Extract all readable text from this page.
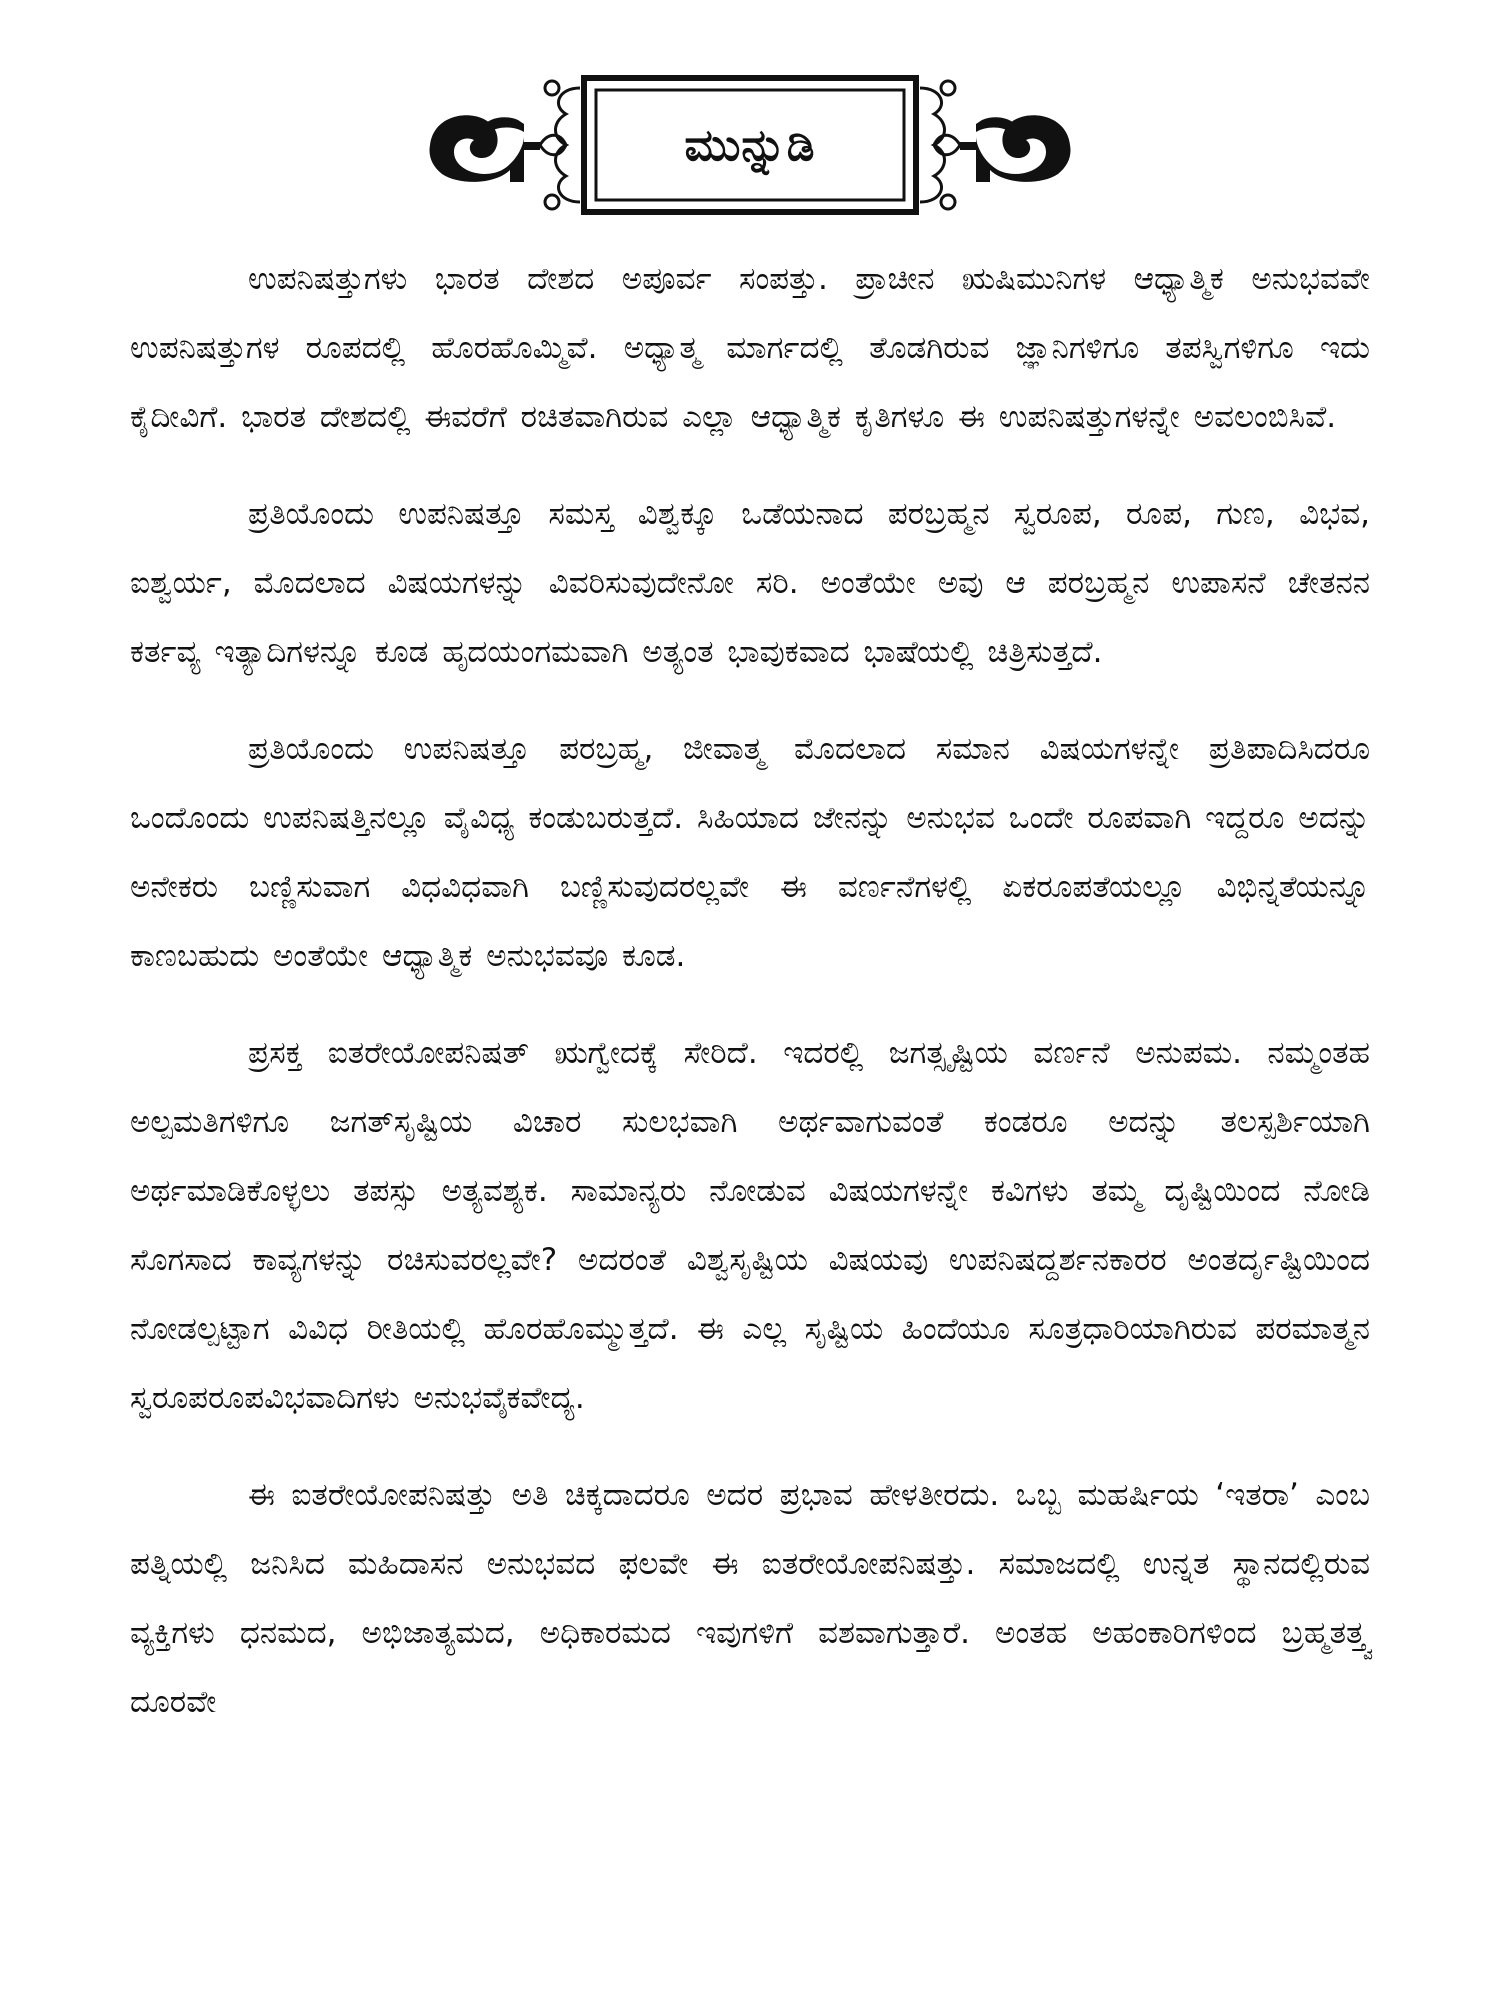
ಮುನ್ನುಡಿ

ಉಪನಿಷತ್ತುಗಳು ಭಾರತ ದೇಶದ ಅಪೂರ್ವ ಸಂಪತ್ತು. ಪ್ರಾಚೀನ ಋಷಿಮುನಿಗಳ ಆಧ್ಯಾತ್ಮಿಕ ಅನುಭವವೇ ಉಪನಿಷತ್ತುಗಳ ರೂಪದಲ್ಲಿ ಹೊರಹೊಮ್ಮಿವೆ. ಅಧ್ಯಾತ್ಮ ಮಾರ್ಗದಲ್ಲಿ ತೊಡಗಿರುವ ಜ್ಞಾನಿಗಳಿಗೂ ತಪಸ್ವಿಗಳಿಗೂ ಇದು ಕೈದೀವಿಗೆ. ಭಾರತ ದೇಶದಲ್ಲಿ ಈವರೆಗೆ ರಚಿತವಾಗಿರುವ ಎಲ್ಲಾ ಆಧ್ಯಾತ್ಮಿಕ ಕೃತಿಗಳೂ ಈ ಉಪನಿಷತ್ತುಗಳನ್ನೇ ಅವಲಂಬಿಸಿವೆ.

ಪ್ರತಿಯೊಂದು ಉಪನಿಷತ್ತೂ ಸಮಸ್ತ ವಿಶ್ವಕ್ಕೂ ಒಡೆಯನಾದ ಪರಬ್ರಹ್ಮನ ಸ್ವರೂಪ, ರೂಪ, ಗುಣ, ವಿಭವ, ಐಶ್ವರ್ಯ, ಮೊದಲಾದ ವಿಷಯಗಳನ್ನು ವಿವರಿಸುವುದೇನೋ ಸರಿ. ಅಂತೆಯೇ ಅವು ಆ ಪರಬ್ರಹ್ಮನ ಉಪಾಸನೆ ಚೇತನನ ಕರ್ತವ್ಯ ಇತ್ಯಾದಿಗಳನ್ನೂ ಕೂಡ ಹೃದಯಂಗಮವಾಗಿ ಅತ್ಯಂತ ಭಾವುಕವಾದ ಭಾಷೆಯಲ್ಲಿ ಚಿತ್ರಿಸುತ್ತದೆ.

ಪ್ರತಿಯೊಂದು ಉಪನಿಷತ್ತೂ ಪರಬ್ರಹ್ಮ, ಜೀವಾತ್ಮ ಮೊದಲಾದ ಸಮಾನ ವಿಷಯಗಳನ್ನೇ ಪ್ರತಿಪಾದಿಸಿದರೂ ಒಂದೊಂದು ಉಪನಿಷತ್ತಿನಲ್ಲೂ ವೈವಿಧ್ಯ ಕಂಡುಬರುತ್ತದೆ. ಸಿಹಿಯಾದ ಜೇನನ್ನು ಅನುಭವ ಒಂದೇ ರೂಪವಾಗಿ ಇದ್ದರೂ ಅದನ್ನು ಅನೇಕರು ಬಣ್ಣಿಸುವಾಗ ವಿಧವಿಧವಾಗಿ ಬಣ್ಣಿಸುವುದರಲ್ಲವೇ ಈ ವರ್ಣನೆಗಳಲ್ಲಿ ಏಕರೂಪತೆಯಲ್ಲೂ ವಿಭಿನ್ನತೆಯನ್ನೂ ಕಾಣಬಹುದು ಅಂತೆಯೇ ಆಧ್ಯಾತ್ಮಿಕ ಅನುಭವವೂ ಕೂಡ.

ಪ್ರಸಕ್ತ ಐತರೇಯೋಪನಿಷತ್ ಋಗ್ವೇದಕ್ಕೆ ಸೇರಿದೆ. ಇದರಲ್ಲಿ ಜಗತ್ಸೃಷ್ಟಿಯ ವರ್ಣನೆ ಅನುಪಮ. ನಮ್ಮಂತಹ ಅಲ್ಪಮತಿಗಳಿಗೂ ಜಗತ್‌ಸೃಷ್ಟಿಯ ವಿಚಾರ ಸುಲಭವಾಗಿ ಅರ್ಥವಾಗುವಂತೆ ಕಂಡರೂ ಅದನ್ನು ತಲಸ್ಪರ್ಶಿಯಾಗಿ ಅರ್ಥಮಾಡಿಕೊಳ್ಳಲು ತಪಸ್ಸು ಅತ್ಯವಶ್ಯಕ. ಸಾಮಾನ್ಯರು ನೋಡುವ ವಿಷಯಗಳನ್ನೇ ಕವಿಗಳು ತಮ್ಮ ದೃಷ್ಟಿಯಿಂದ ನೋಡಿ ಸೊಗಸಾದ ಕಾವ್ಯಗಳನ್ನು ರಚಿಸುವರಲ್ಲವೇ? ಅದರಂತೆ ವಿಶ್ವಸೃಷ್ಟಿಯ ವಿಷಯವು ಉಪನಿಷದ್ದರ್ಶನಕಾರರ ಅಂತರ್ದೃಷ್ಟಿಯಿಂದ ನೋಡಲ್ಪಟ್ಟಾಗ ವಿವಿಧ ರೀತಿಯಲ್ಲಿ ಹೊರಹೊಮ್ಮುತ್ತದೆ. ಈ ಎಲ್ಲ ಸೃಷ್ಟಿಯ ಹಿಂದೆಯೂ ಸೂತ್ರಧಾರಿಯಾಗಿರುವ ಪರಮಾತ್ಮನ ಸ್ವರೂಪರೂಪವಿಭವಾದಿಗಳು ಅನುಭವೈಕವೇದ್ಯ.

ಈ ಐತರೇಯೋಪನಿಷತ್ತು ಅತಿ ಚಿಕ್ಕದಾದರೂ ಅದರ ಪ್ರಭಾವ ಹೇಳತೀರದು. ಒಬ್ಬ ಮಹರ್ಷಿಯ ‘ಇತರಾ’ ಎಂಬ ಪತ್ನಿಯಲ್ಲಿ ಜನಿಸಿದ ಮಹಿದಾಸನ ಅನುಭವದ ಫಲವೇ ಈ ಐತರೇಯೋಪನಿಷತ್ತು. ಸಮಾಜದಲ್ಲಿ ಉನ್ನತ ಸ್ಥಾನದಲ್ಲಿರುವ ವ್ಯಕ್ತಿಗಳು ಧನಮದ, ಅಭಿಜಾತ್ಯಮದ, ಅಧಿಕಾರಮದ ಇವುಗಳಿಗೆ ವಶವಾಗುತ್ತಾರೆ. ಅಂತಹ ಅಹಂಕಾರಿಗಳಿಂದ ಬ್ರಹ್ಮತತ್ತ್ವ ದೂರವೇ
